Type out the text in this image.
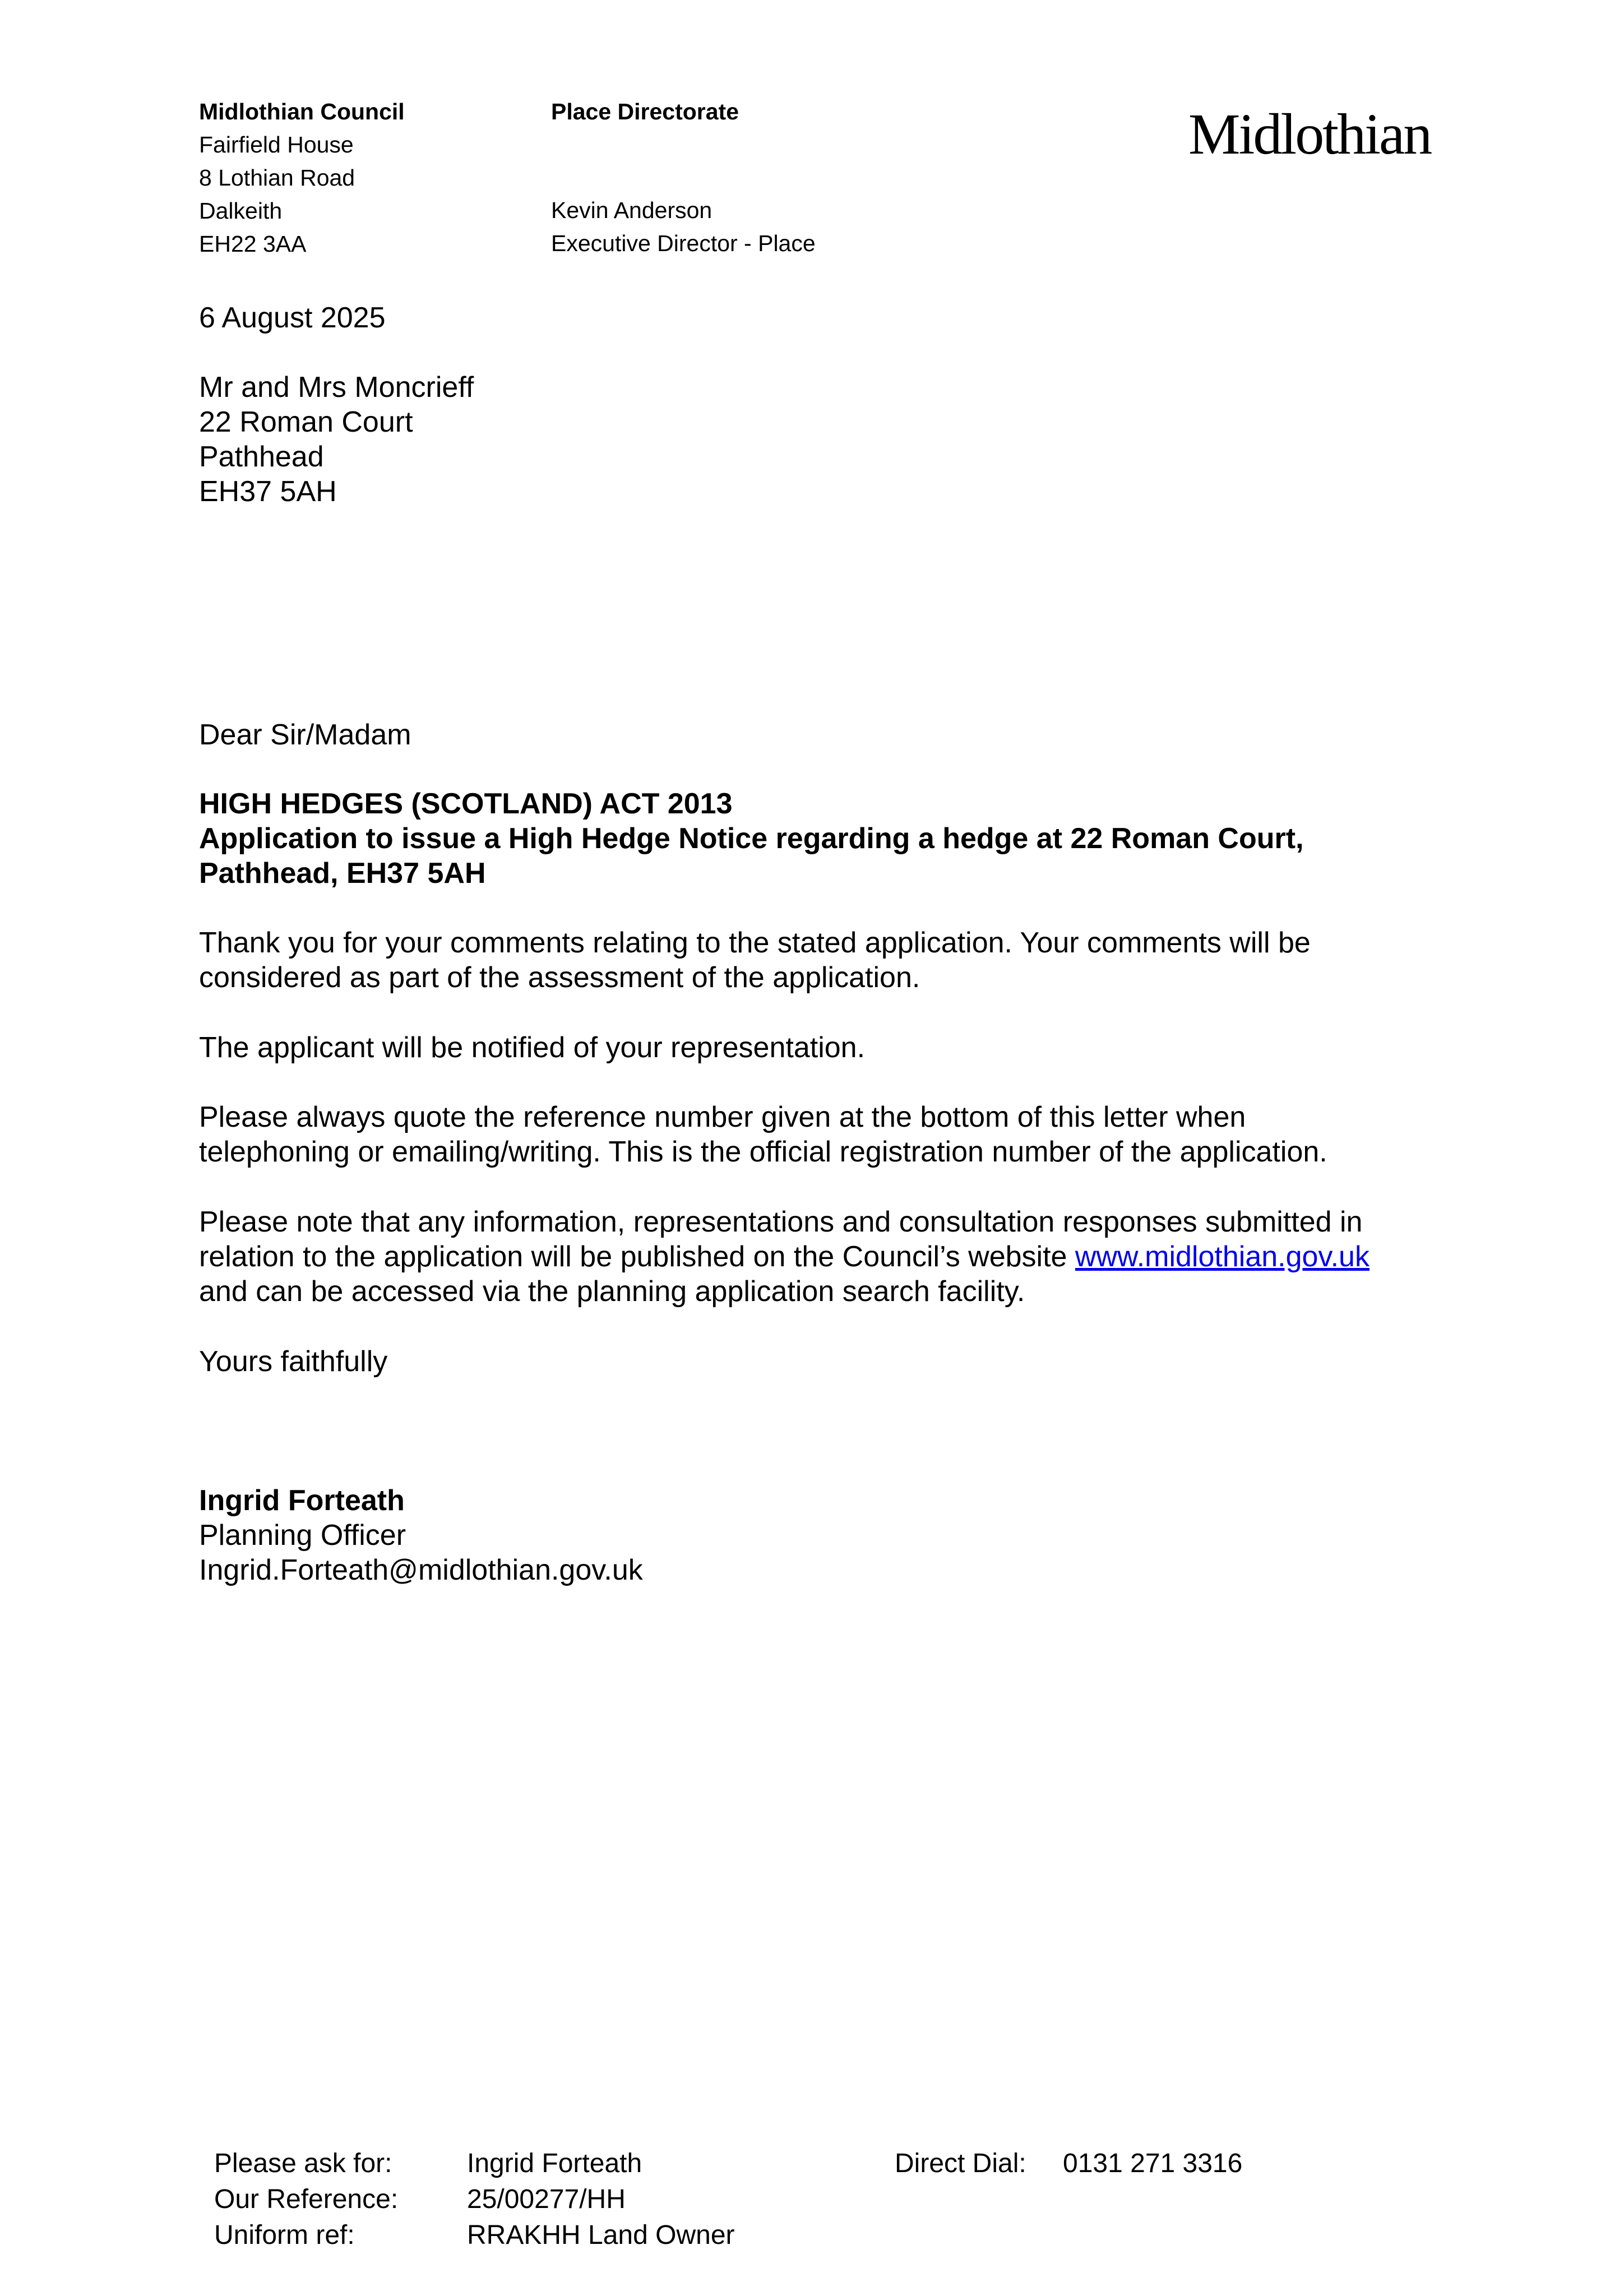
Midlothian Council
Fairfield House
8 Lothian Road
Dalkeith
EH22 3AA
Place Directorate
Kevin Anderson
Executive Director - Place
Midlothian
6 August 2025
Mr and Mrs Moncrieff
22 Roman Court
Pathhead
EH37 5AH
Dear Sir/Madam
HIGH HEDGES (SCOTLAND) ACT 2013
Application to issue a High Hedge Notice regarding a hedge at 22 Roman Court,
Pathhead, EH37 5AH
Thank you for your comments relating to the stated application. Your comments will be
considered as part of the assessment of the application.
The applicant will be notified of your representation.
Please always quote the reference number given at the bottom of this letter when
telephoning or emailing/writing. This is the official registration number of the application.
Please note that any information, representations and consultation responses submitted in
relation to the application will be published on the Council’s website www.midlothian.gov.uk
and can be accessed via the planning application search facility.
Yours faithfully
Ingrid Forteath
Planning Officer
Ingrid.Forteath@midlothian.gov.uk
Please ask for:
Our Reference:
Uniform ref:
Ingrid Forteath
25/00277/HH
RRAKHH Land Owner
Direct Dial: 0131 271 3316
